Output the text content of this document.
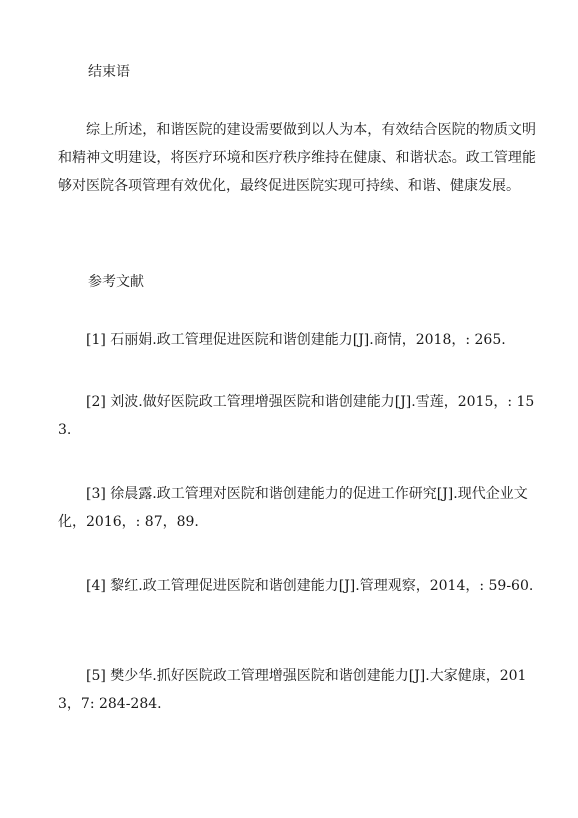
结束语
综上所述，和谐医院的建设需要做到以人为本，有效结合医院的物质文明和精神文明建设，将医疗环境和医疗秩序维持在健康、和谐状态。政工管理能够对医院各项管理有效优化，最终促进医院实现可持续、和谐、健康发展。
参考文献
[1] 石丽娟.政工管理促进医院和谐创建能力[J].商情，2018，: 265.
[2] 刘波.做好医院政工管理增强医院和谐创建能力[J].雪莲，2015，: 153.
[3] 徐晨露.政工管理对医院和谐创建能力的促进工作研究[J].现代企业文化，2016，: 87，89.
[4] 黎红.政工管理促进医院和谐创建能力[J].管理观察，2014，: 59-60.
[5] 樊少华.抓好医院政工管理增强医院和谐创建能力[J].大家健康，2013，7: 284-284.
